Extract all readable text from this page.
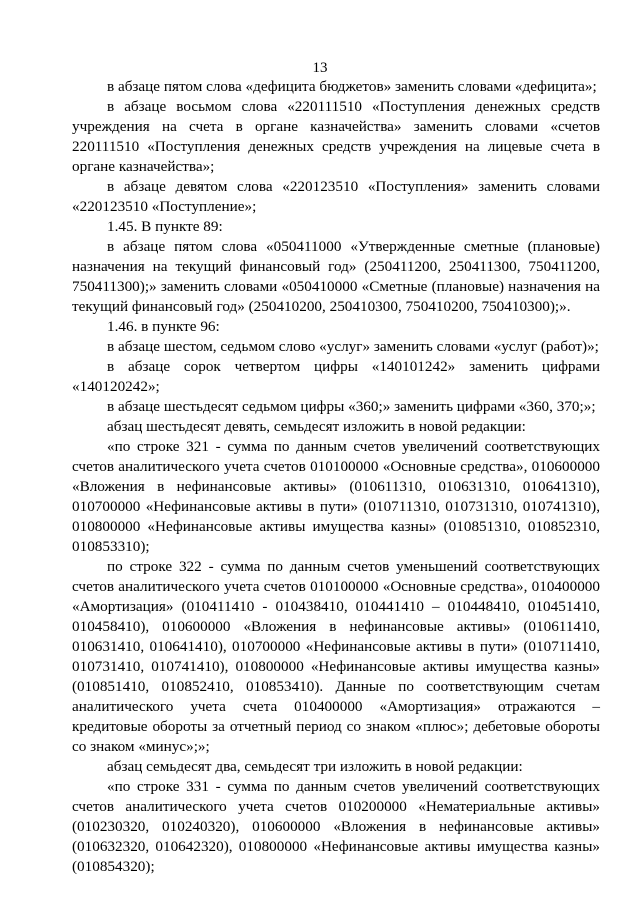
13

в абзаце пятом слова «дефицита бюджетов» заменить словами «дефицита»;

в абзаце восьмом слова «220111510 «Поступления денежных средств учреждения на счета в органе казначейства» заменить словами «счетов 220111510 «Поступления денежных средств учреждения на лицевые счета в органе казначейства»;

в абзаце девятом слова «220123510 «Поступления» заменить словами «220123510 «Поступление»;

1.45. В пункте 89:

в абзаце пятом слова «050411000 «Утвержденные сметные (плановые) назначения на текущий финансовый год» (250411200, 250411300, 750411200, 750411300);» заменить словами «050410000 «Сметные (плановые) назначения на текущий финансовый год» (250410200, 250410300, 750410200, 750410300);».

1.46. в пункте 96:

в абзаце шестом, седьмом слово «услуг» заменить словами «услуг (работ)»;

в абзаце сорок четвертом цифры «140101242» заменить цифрами «140120242»;

в абзаце шестьдесят седьмом цифры «360;» заменить цифрами «360, 370;»;

абзац шестьдесят девять, семьдесят изложить в новой редакции:

«по строке 321 - сумма по данным счетов увеличений соответствующих счетов аналитического учета счетов 010100000 «Основные средства», 010600000 «Вложения в нефинансовые активы» (010611310, 010631310, 010641310), 010700000 «Нефинансовые активы в пути» (010711310, 010731310, 010741310), 010800000 «Нефинансовые активы имущества казны» (010851310, 010852310, 010853310);

по строке 322 - сумма по данным счетов уменьшений соответствующих счетов аналитического учета счетов 010100000 «Основные средства», 010400000 «Амортизация» (010411410 - 010438410, 010441410 – 010448410, 010451410, 010458410), 010600000 «Вложения в нефинансовые активы» (010611410, 010631410, 010641410), 010700000 «Нефинансовые активы в пути» (010711410, 010731410, 010741410), 010800000 «Нефинансовые активы имущества казны» (010851410, 010852410, 010853410). Данные по соответствующим счетам аналитического учета счета 010400000 «Амортизация» отражаются – кредитовые обороты за отчетный период со знаком «плюс»; дебетовые обороты со знаком «минус»;»;

абзац семьдесят два, семьдесят три изложить в новой редакции:

«по строке 331 - сумма по данным счетов увеличений соответствующих счетов аналитического учета счетов 010200000 «Нематериальные активы» (010230320, 010240320), 010600000 «Вложения в нефинансовые активы» (010632320, 010642320), 010800000 «Нефинансовые активы имущества казны» (010854320);
